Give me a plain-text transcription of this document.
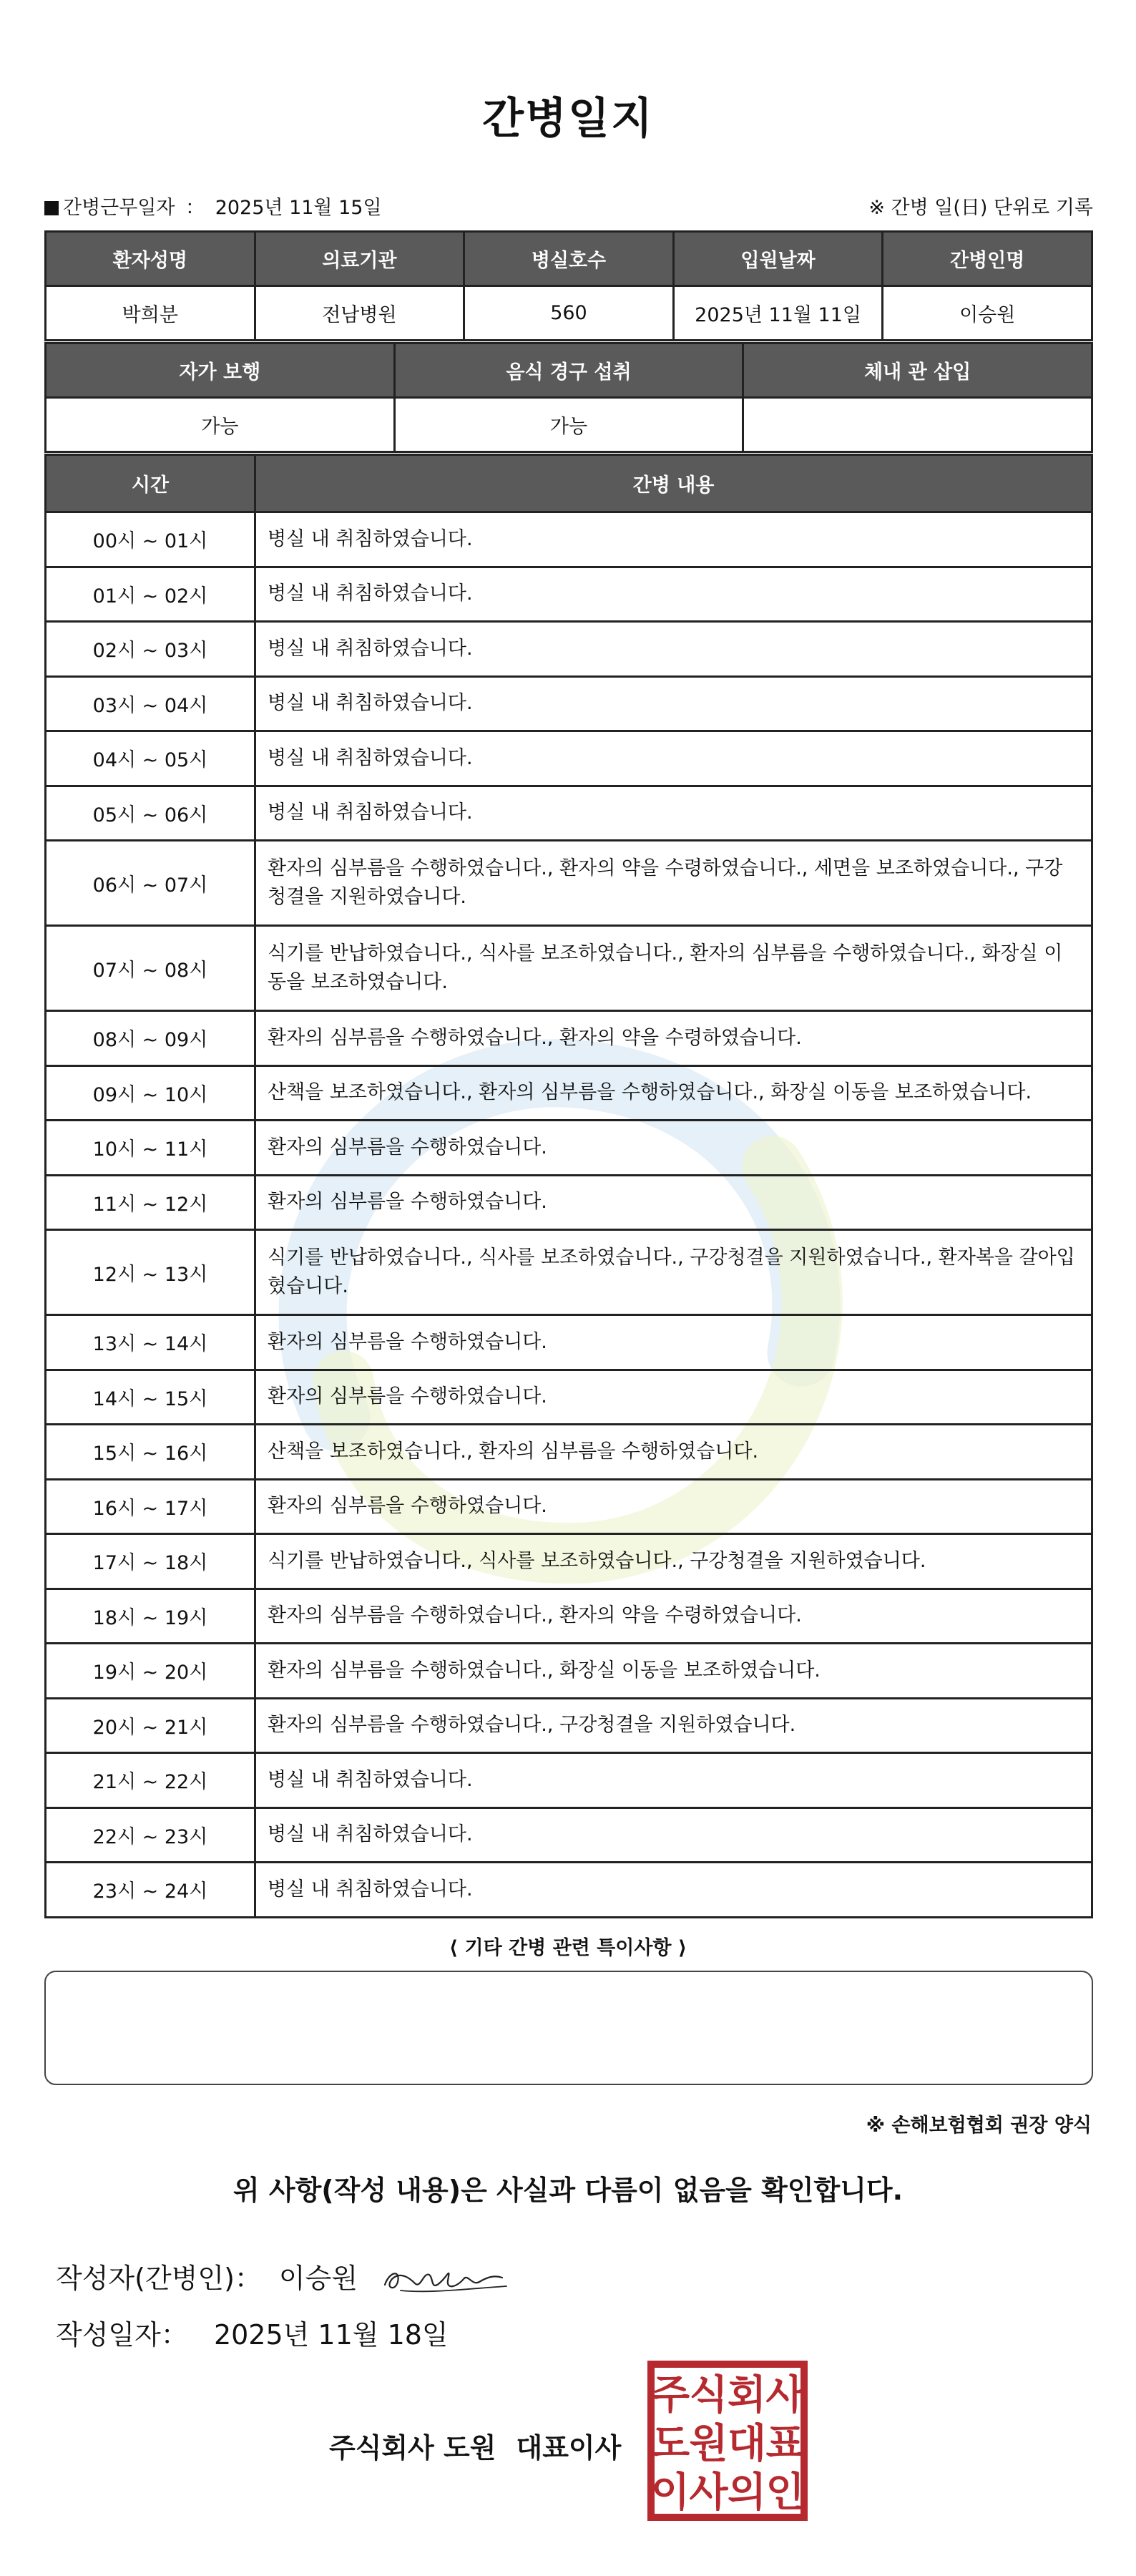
간병일지
간병근무일자 ： 2025년 11월 15일	※ 간병 일(日) 단위로 기록
환자성명	의료기관	병실호수	입원날짜	간병인명
박희분	전남병원	560	2025년 11월 11일	이승원
자가 보행	음식 경구 섭취	체내 관 삽입
가능	가능	
시간	간병 내용
00시 ~ 01시	병실 내 취침하였습니다.
01시 ~ 02시	병실 내 취침하였습니다.
02시 ~ 03시	병실 내 취침하였습니다.
03시 ~ 04시	병실 내 취침하였습니다.
04시 ~ 05시	병실 내 취침하였습니다.
05시 ~ 06시	병실 내 취침하였습니다.
06시 ~ 07시	환자의 심부름을 수행하였습니다., 환자의 약을 수령하였습니다., 세면을 보조하였습니다., 구강청결을 지원하였습니다.
07시 ~ 08시	식기를 반납하였습니다., 식사를 보조하였습니다., 환자의 심부름을 수행하였습니다., 화장실 이동을 보조하였습니다.
08시 ~ 09시	환자의 심부름을 수행하였습니다., 환자의 약을 수령하였습니다.
09시 ~ 10시	산책을 보조하였습니다., 환자의 심부름을 수행하였습니다., 화장실 이동을 보조하였습니다.
10시 ~ 11시	환자의 심부름을 수행하였습니다.
11시 ~ 12시	환자의 심부름을 수행하였습니다.
12시 ~ 13시	식기를 반납하였습니다., 식사를 보조하였습니다., 구강청결을 지원하였습니다., 환자복을 갈아입혔습니다.
13시 ~ 14시	환자의 심부름을 수행하였습니다.
14시 ~ 15시	환자의 심부름을 수행하였습니다.
15시 ~ 16시	산책을 보조하였습니다., 환자의 심부름을 수행하였습니다.
16시 ~ 17시	환자의 심부름을 수행하였습니다.
17시 ~ 18시	식기를 반납하였습니다., 식사를 보조하였습니다., 구강청결을 지원하였습니다.
18시 ~ 19시	환자의 심부름을 수행하였습니다., 환자의 약을 수령하였습니다.
19시 ~ 20시	환자의 심부름을 수행하였습니다., 화장실 이동을 보조하였습니다.
20시 ~ 21시	환자의 심부름을 수행하였습니다., 구강청결을 지원하였습니다.
21시 ~ 22시	병실 내 취침하였습니다.
22시 ~ 23시	병실 내 취침하였습니다.
23시 ~ 24시	병실 내 취침하였습니다.
⟨ 기타 간병 관련 특이사항 ⟩
※ 손해보험협회 권장 양식
위 사항(작성 내용)은 사실과 다름이 없음을 확인합니다.
작성자(간병인)： 이승원
작성일자： 2025년 11월 18일
주식회사 도원 대표이사
주 식 회 사
도 원 대 표
이 사 의 인
